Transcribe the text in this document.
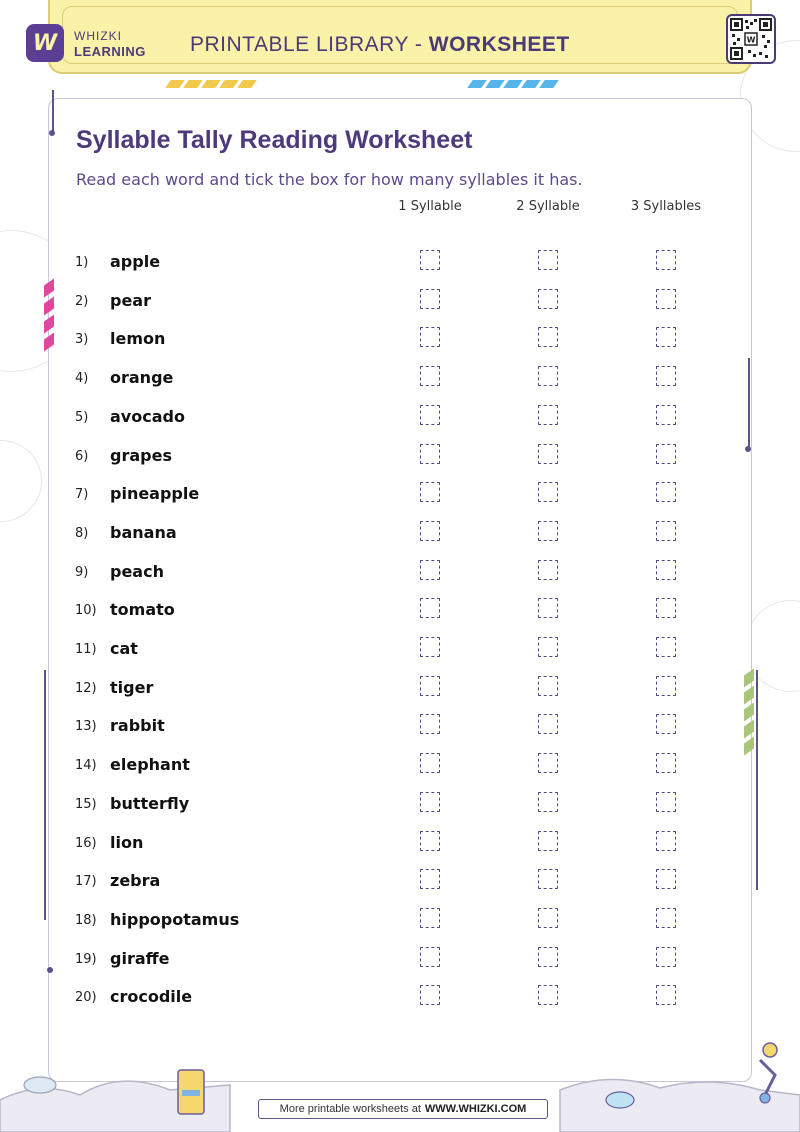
W WHIZKI
LEARNING PRINTABLE LIBRARY - WORKSHEET	W
Syllable Tally Reading Worksheet
Read each word and tick the box for how many syllables it has.
1 Syllable	2 Syllable	3 Syllables
1) apple
2) pear
3) lemon
4) orange
5) avocado
6) grapes
7) pineapple
8) banana
9) peach
10) tomato
11) cat
12) tiger
13) rabbit
14) elephant
15) butterfly
16) lion
17) zebra
18) hippopotamus
19) giraffe
20) crocodile
More printable worksheets at WWW.WHIZKI.COM
